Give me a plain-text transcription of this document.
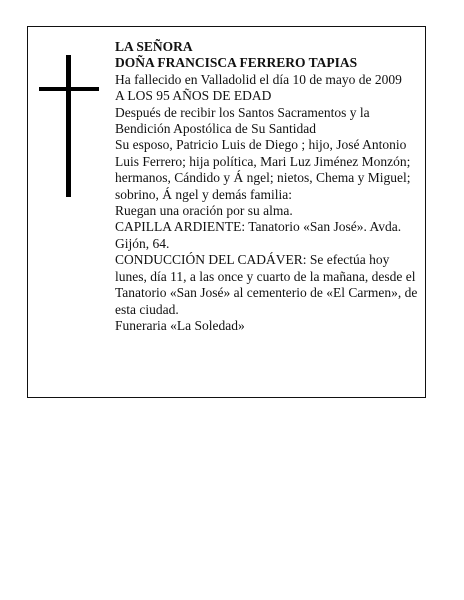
LA SEÑORA

DOÑA FRANCISCA FERRERO TAPIAS

Ha fallecido en Valladolid el día 10 de mayo de 2009

A LOS 95 AÑOS DE EDAD

Después de recibir los Santos Sacramentos y la Bendición Apostólica de Su Santidad

Su esposo, Patricio Luis de Diego ; hijo, José Antonio Luis Ferrero; hija política, Mari Luz Jiménez Monzón; hermanos, Cándido y Á ngel; nietos, Chema y Miguel; sobrino, Á ngel y demás familia:

Ruegan una oración por su alma.

CAPILLA ARDIENTE: Tanatorio «San José». Avda. Gijón, 64.

CONDUCCIÓN DEL CADÁVER: Se efectúa hoy lunes, día 11, a las once y cuarto de la mañana, desde el Tanatorio «San José» al cementerio de «El Carmen», de esta ciudad.

Funeraria «La Soledad»
